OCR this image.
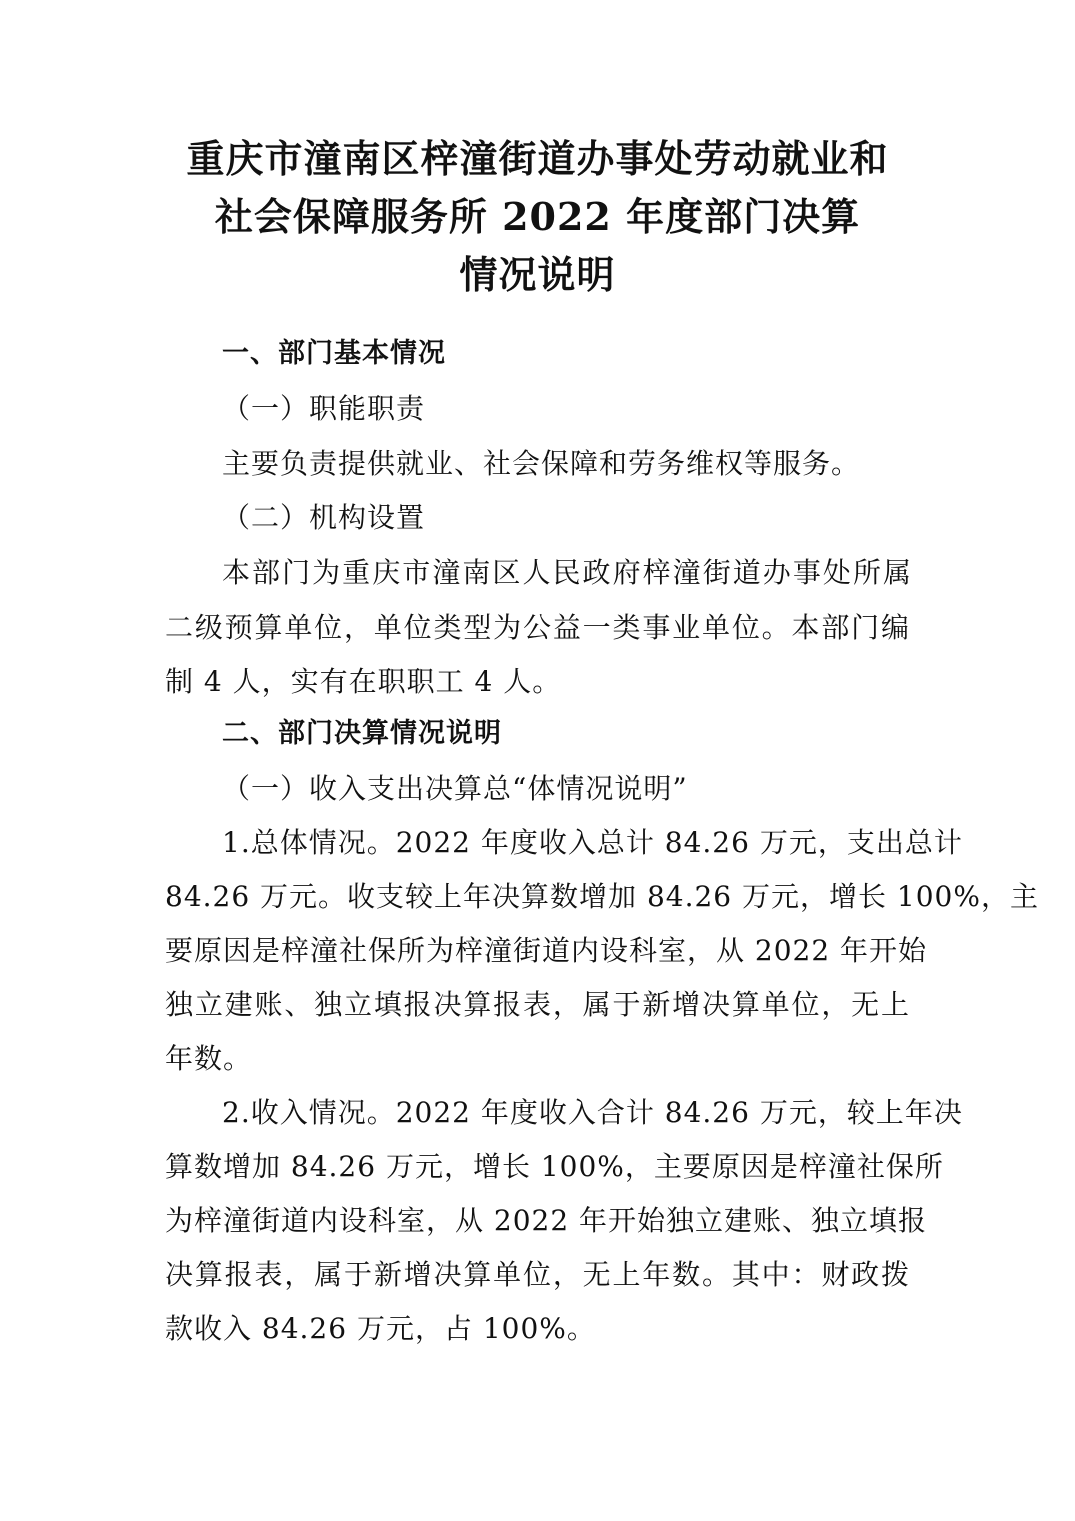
重庆市潼南区梓潼街道办事处劳动就业和
社会保障服务所 2022 年度部门决算
情况说明
一、部门基本情况
（一）职能职责
主要负责提供就业、社会保障和劳务维权等服务。
（二）机构设置
本部门为重庆市潼南区人民政府梓潼街道办事处所属
二级预算单位，单位类型为公益一类事业单位。本部门编
制 4 人，实有在职职工 4 人。
二、部门决算情况说明
（一）收入支出决算总“体情况说明”
1.总体情况。2022 年度收入总计 84.26 万元，支出总计
84.26 万元。收支较上年决算数增加 84.26 万元，增长 100%，主
要原因是梓潼社保所为梓潼街道内设科室，从 2022 年开始
独立建账、独立填报决算报表，属于新增决算单位，无上
年数。
2.收入情况。2022 年度收入合计 84.26 万元，较上年决
算数增加 84.26 万元，增长 100%，主要原因是梓潼社保所
为梓潼街道内设科室，从 2022 年开始独立建账、独立填报
决算报表，属于新增决算单位，无上年数。其中：财政拨
款收入 84.26 万元，占 100%。
